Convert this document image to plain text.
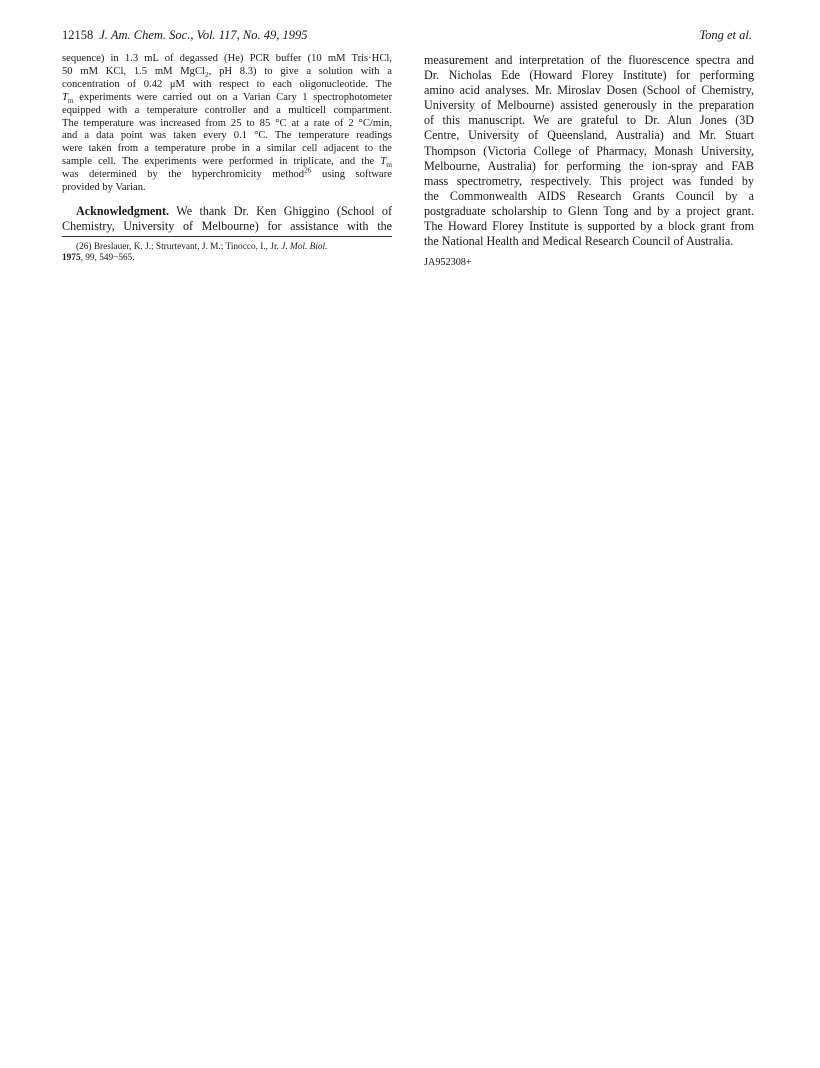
12158 J. Am. Chem. Soc., Vol. 117, No. 49, 1995	Tong et al.
sequence) in 1.3 mL of degassed (He) PCR buffer (10 mM Tris·HCl,
50 mM KCl, 1.5 mM MgCl$_2$, pH 8.3) to give a solution with a
concentration of 0.42 μM with respect to each oligonucleotide. The
$T_m$ experiments were carried out on a Varian Cary 1 spectrophotometer
equipped with a temperature controller and a multicell compartment.
The temperature was increased from 25 to 85 °C at a rate of 2 °C/min,
and a data point was taken every 0.1 °C. The temperature readings
were taken from a temperature probe in a similar cell adjacent to the
sample cell. The experiments were performed in triplicate, and the $T_m$
was determined by the hyperchromicity method$^{26}$ using software
provided by Varian.
Acknowledgment. We thank Dr. Ken Ghiggino (School of
Chemistry, University of Melbourne) for assistance with the
(26) Breslauer, K. J.; Strurtevant, J. M.; Tinocco, I., Jr. J. Mol. Biol.
1975, 99, 549−565.
measurement and interpretation of the fluorescence spectra and
Dr. Nicholas Ede (Howard Florey Institute) for performing
amino acid analyses. Mr. Miroslav Dosen (School of Chemistry,
University of Melbourne) assisted generously in the preparation
of this manuscript. We are grateful to Dr. Alun Jones (3D
Centre, University of Queensland, Australia) and Mr. Stuart
Thompson (Victoria College of Pharmacy, Monash University,
Melbourne, Australia) for performing the ion-spray and FAB
mass spectrometry, respectively. This project was funded by
the Commonwealth AIDS Research Grants Council by a
postgraduate scholarship to Glenn Tong and by a project grant.
The Howard Florey Institute is supported by a block grant from
the National Health and Medical Research Council of Australia.
JA952308+
